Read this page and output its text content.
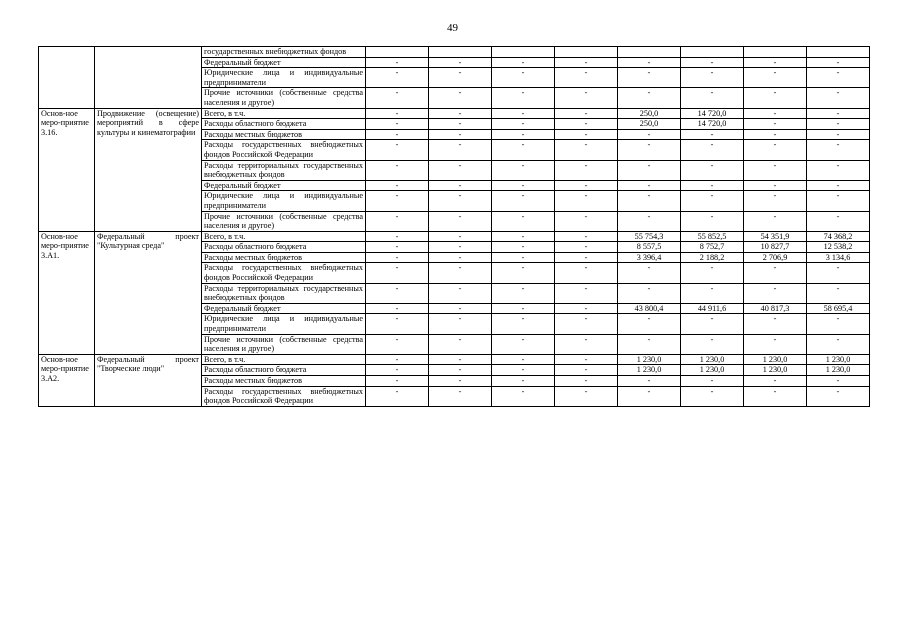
49
		государственных внебюджетных фондов								
		Федеральный бюджет	-	-	-	-	-	-	-	-
		Юридические лица и индивидуальные предприниматели	-	-	-	-	-	-	-	-
		Прочие источники (собственные средства населения и другое)	-	-	-	-	-	-	-	-
Основ-ное меро-приятие 3.16.	Продвижение (освещение) мероприятий в сфере культуры и кинематографии	Всего, в т.ч.	-	-	-	-	250,0	14 720,0	-	-
		Расходы областного бюджета	-	-	-	-	250,0	14 720,0	-	-
		Расходы местных бюджетов	-	-	-	-	-	-	-	-
		Расходы государственных внебюджетных фондов Российской Федерации	-	-	-	-	-	-	-	-
		Расходы территориальных государственных внебюджетных фондов	-	-	-	-	-	-	-	-
		Федеральный бюджет	-	-	-	-	-	-	-	-
		Юридические лица и индивидуальные предприниматели	-	-	-	-	-	-	-	-
		Прочие источники (собственные средства населения и другое)	-	-	-	-	-	-	-	-
Основ-ное меро-приятие 3.А1.	Федеральный проект "Культурная среда"	Всего, в т.ч.	-	-	-	-	55 754,3	55 852,5	54 351,9	74 368,2
		Расходы областного бюджета	-	-	-	-	8 557,5	8 752,7	10 827,7	12 538,2
		Расходы местных бюджетов	-	-	-	-	3 396,4	2 188,2	2 706,9	3 134,6
		Расходы государственных внебюджетных фондов Российской Федерации	-	-	-	-	-	-	-	-
		Расходы территориальных государственных внебюджетных фондов	-	-	-	-	-	-	-	-
		Федеральный бюджет	-	-	-	-	43 800,4	44 911,6	40 817,3	58 695,4
		Юридические лица и индивидуальные предприниматели	-	-	-	-	-	-	-	-
		Прочие источники (собственные средства населения и другое)	-	-	-	-	-	-	-	-
Основ-ное меро-приятие 3.А2.	Федеральный проект "Творческие люди"	Всего, в т.ч.	-	-	-	-	1 230,0	1 230,0	1 230,0	1 230,0
		Расходы областного бюджета	-	-	-	-	1 230,0	1 230,0	1 230,0	1 230,0
		Расходы местных бюджетов	-	-	-	-	-	-	-	-
		Расходы государственных внебюджетных фондов Российской Федерации	-	-	-	-	-	-	-	-
